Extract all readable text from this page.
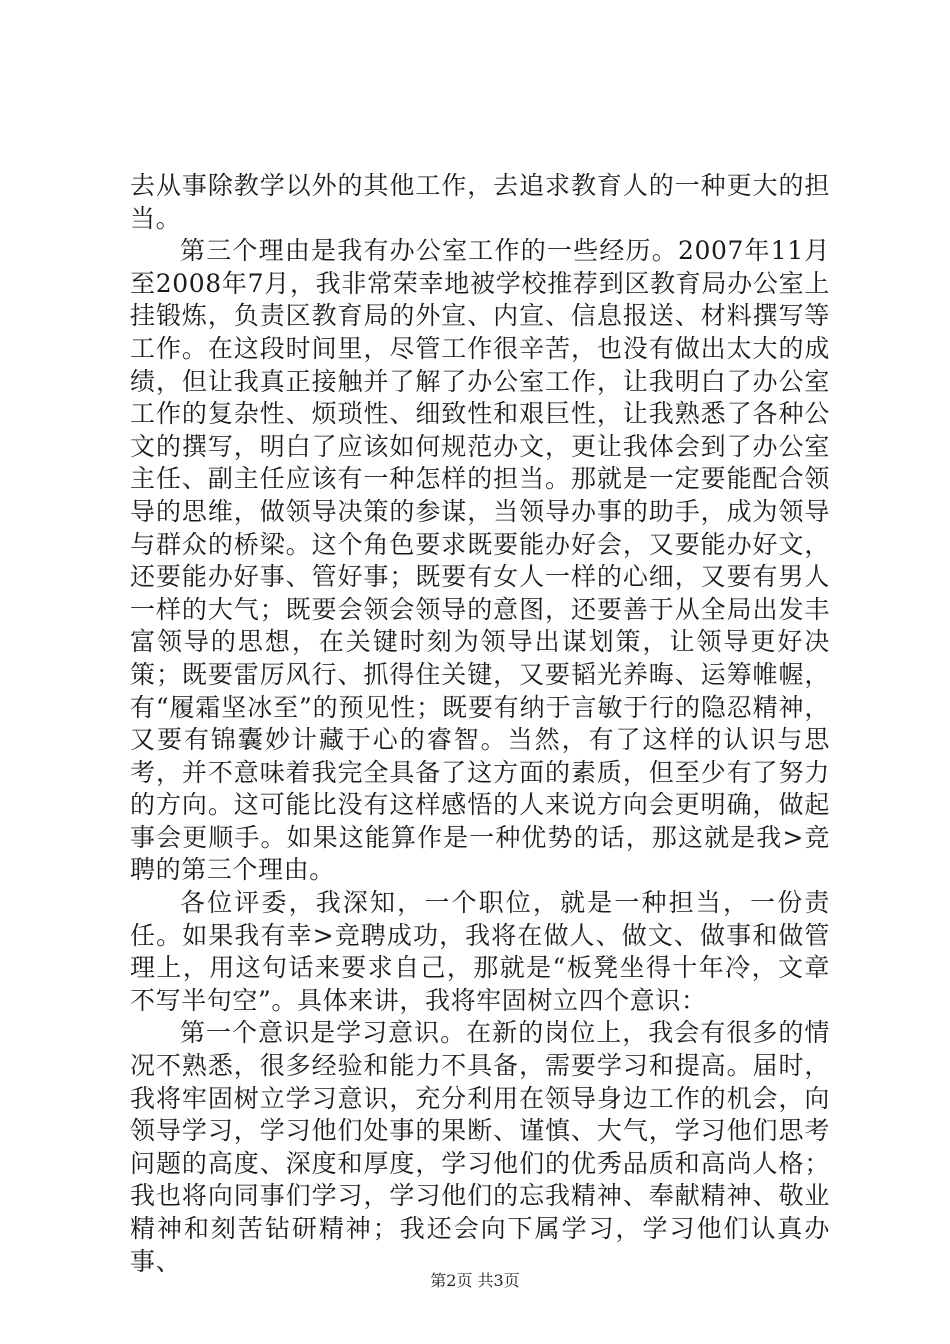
去从事除教学以外的其他工作，去追求教育人的一种更大的担当。

第三个理由是我有办公室工作的一些经历。2007年11月至2008年7月，我非常荣幸地被学校推荐到区教育局办公室上挂锻炼，负责区教育局的外宣、内宣、信息报送、材料撰写等工作。在这段时间里，尽管工作很辛苦，也没有做出太大的成绩，但让我真正接触并了解了办公室工作，让我明白了办公室工作的复杂性、烦琐性、细致性和艰巨性，让我熟悉了各种公文的撰写，明白了应该如何规范办文，更让我体会到了办公室主任、副主任应该有一种怎样的担当。那就是一定要能配合领导的思维，做领导决策的参谋，当领导办事的助手，成为领导与群众的桥梁。这个角色要求既要能办好会，又要能办好文，还要能办好事、管好事；既要有女人一样的心细，又要有男人一样的大气；既要会领会领导的意图，还要善于从全局出发丰富领导的思想，在关键时刻为领导出谋划策，让领导更好决策；既要雷厉风行、抓得住关键，又要韬光养晦、运筹帷幄，有“履霜坚冰至”的预见性；既要有纳于言敏于行的隐忍精神，又要有锦囊妙计藏于心的睿智。当然，有了这样的认识与思考，并不意味着我完全具备了这方面的素质，但至少有了努力的方向。这可能比没有这样感悟的人来说方向会更明确，做起事会更顺手。如果这能算作是一种优势的话，那这就是我>竞聘的第三个理由。

各位评委，我深知，一个职位，就是一种担当，一份责任。如果我有幸>竞聘成功，我将在做人、做文、做事和做管理上，用这句话来要求自己，那就是“板凳坐得十年冷，文章不写半句空”。具体来讲，我将牢固树立四个意识：

第一个意识是学习意识。在新的岗位上，我会有很多的情况不熟悉，很多经验和能力不具备，需要学习和提高。届时，我将牢固树立学习意识，充分利用在领导身边工作的机会，向领导学习，学习他们处事的果断、谨慎、大气，学习他们思考问题的高度、深度和厚度，学习他们的优秀品质和高尚人格；我也将向同事们学习，学习他们的忘我精神、奉献精神、敬业精神和刻苦钻研精神；我还会向下属学习，学习他们认真办事、

第2页 共3页
